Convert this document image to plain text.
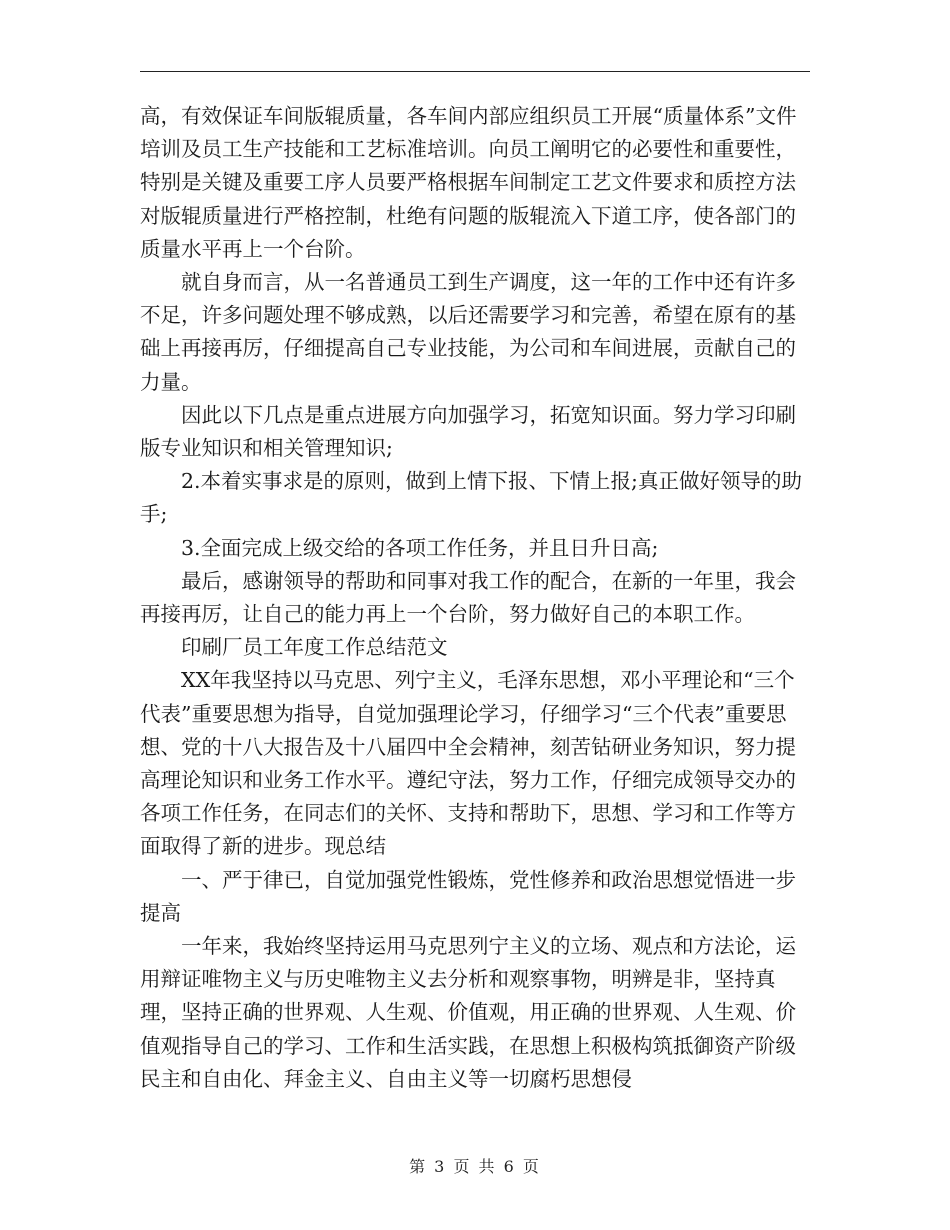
高，有效保证车间版辊质量，各车间内部应组织员工开展“质量体系”文件培训及员工生产技能和工艺标准培训。向员工阐明它的必要性和重要性，特别是关键及重要工序人员要严格根据车间制定工艺文件要求和质控方法对版辊质量进行严格控制，杜绝有问题的版辊流入下道工序，使各部门的质量水平再上一个台阶。

就自身而言，从一名普通员工到生产调度，这一年的工作中还有许多不足，许多问题处理不够成熟，以后还需要学习和完善，希望在原有的基础上再接再厉，仔细提高自己专业技能，为公司和车间进展，贡献自己的力量。

因此以下几点是重点进展方向加强学习，拓宽知识面。努力学习印刷版专业知识和相关管理知识;

2.本着实事求是的原则，做到上情下报、下情上报;真正做好领导的助手;

3.全面完成上级交给的各项工作任务，并且日升日高;

最后，感谢领导的帮助和同事对我工作的配合，在新的一年里，我会再接再厉，让自己的能力再上一个台阶，努力做好自己的本职工作。

印刷厂员工年度工作总结范文

XX年我坚持以马克思、列宁主义，毛泽东思想，邓小平理论和“三个代表”重要思想为指导，自觉加强理论学习，仔细学习“三个代表”重要思想、党的十八大报告及十八届四中全会精神，刻苦钻研业务知识，努力提高理论知识和业务工作水平。遵纪守法，努力工作，仔细完成领导交办的各项工作任务，在同志们的关怀、支持和帮助下，思想、学习和工作等方面取得了新的进步。现总结

一、严于律已，自觉加强党性锻炼，党性修养和政治思想觉悟进一步提高

一年来，我始终坚持运用马克思列宁主义的立场、观点和方法论，运用辩证唯物主义与历史唯物主义去分析和观察事物，明辨是非，坚持真理，坚持正确的世界观、人生观、价值观，用正确的世界观、人生观、价值观指导自己的学习、工作和生活实践，在思想上积极构筑抵御资产阶级民主和自由化、拜金主义、自由主义等一切腐朽思想侵

第 3 页 共 6 页
